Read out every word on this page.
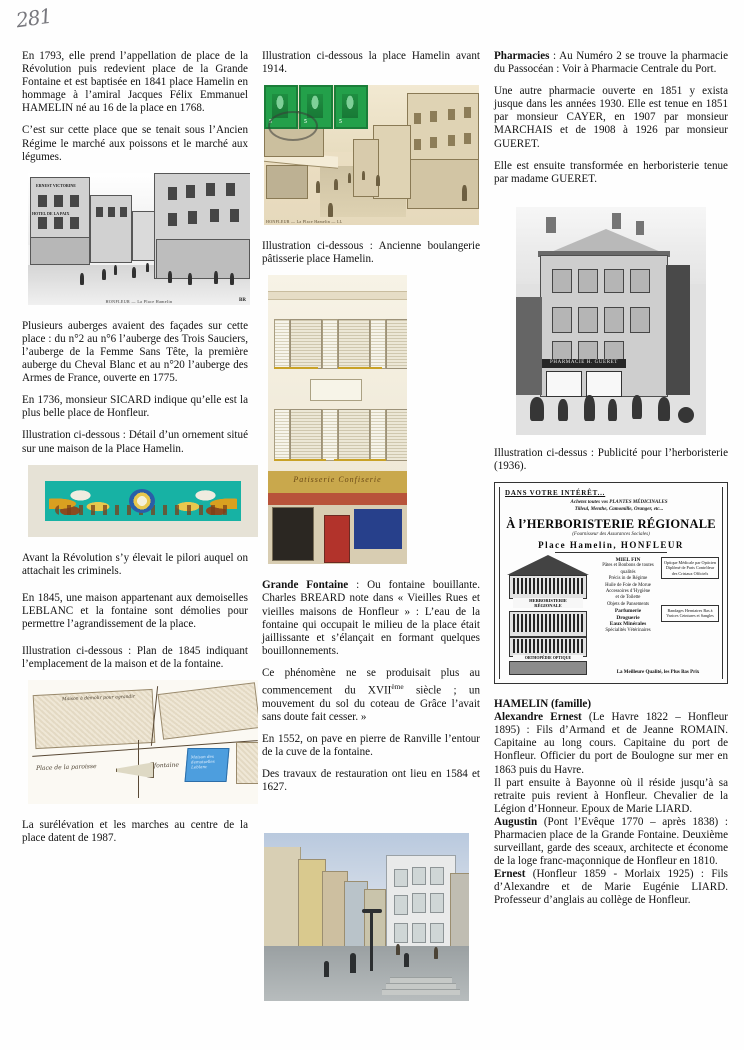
281

En 1793, elle prend l’appellation de place de la Révolution puis redevient place de la Grande Fontaine et est baptisée en 1841 place Hamelin en hommage à l’amiral Jacques Félix Emmanuel HAMELIN né au 16 de la place en 1768.

C’est sur cette place que se tenait sous l’Ancien Régime le marché aux poissons et le marché aux légumes.

ERNEST VICTORINE
HOTEL DE LA PAIX
HONFLEUR — La Place Hamelin	BR

Plusieurs auberges avaient des façades sur cette place : du n°2 au n°6 l’auberge des Trois Sauciers, l’auberge de la Femme Sans Tête, la première auberge du Cheval Blanc et au n°20 l’auberge des Armes de France, ouverte en 1775.

En 1736, monsieur SICARD indique qu’elle est la plus belle place de Honfleur.

Illustration ci-dessous : Détail d’un ornement situé sur une maison de la Place Hamelin.

Avant la Révolution s’y élevait le pilori auquel on attachait les criminels.

En 1845, une maison appartenant aux demoiselles LEBLANC et la fontaine sont démolies pour permettre l’agrandissement de la place.

Illustration ci-dessous : Plan de 1845 indiquant l’emplacement de la maison et de la fontaine.

Maison à démolir pour agrandir
Place de la paroisse	fontaine
Maison des demoiselles Leblanc

La surélévation et les marches au centre de la place datent de 1987.

Illustration ci-dessous la place Hamelin avant 1914.

5	5	5
HONFLEUR — La Place Hamelin — LL

Illustration ci-dessous : Ancienne boulangerie pâtisserie place Hamelin.

Patisserie Confiserie

Grande Fontaine : Ou fontaine bouillante. Charles BREARD note dans « Vieilles Rues et vieilles maisons de Honfleur » : L’eau de la fontaine qui occupait le milieu de la place était jaillissante et s’élançait en formant quelques bouillonnements.

Ce phénomène ne se produisait plus au commencement du XVIIème siècle ; un mouvement du sol du coteau de Grâce l’avait sans doute fait cesser. »

En 1552, on pave en pierre de Ranville l’entour de la cuve de la fontaine.

Des travaux de restauration ont lieu en 1584 et 1627.

Pharmacies : Au Numéro 2 se trouve la pharmacie du Passocéan : Voir à Pharmacie Centrale du Port.

Une autre pharmacie ouverte en 1851 y exista jusque dans les années 1930. Elle est tenue en 1851 par monsieur CAYER, en 1907 par monsieur MARCHAIS et de 1908 à 1926 par monsieur GUERET.

Elle est ensuite transformée en herboristerie tenue par madame GUERET.

PHARMACIE H. GUERET

Illustration ci-dessus : Publicité pour l’herboristerie (1936).

DANS VOTRE INTÉRÊT...
Achetez toutes vos PLANTES MÉDICINALES
Tilleul, Menthe, Camomille, Oranger, etc...
À l’HERBORISTERIE RÉGIONALE
(Fournisseur des Assurances Sociales)
Place Hamelin, HONFLEUR
HERBORISTERIE
RÉGIONALE
ORTHOPÉDIE OPTIQUE
MIEL FIN
Pâtes et Bonbons de toutes qualités
Précis in de Régime
Huile de Foie de Morue
Accessoires d’Hygiène
et de Toilette
Objets de Pansements
Parfumerie
Droguerie
Eaux Minérales
Spécialités Vétérinaires
Optique Médicale par Opticien Diplômé de Paris Contrôleur des Cristaux Officiels
Bandages Herniaires Bas à Varices Ceintures et Sangles
La Meilleure Qualité, les Plus Bas Prix

HAMELIN (famille)

Alexandre Ernest (Le Havre 1822 – Honfleur 1895) : Fils d’Armand et de Jeanne ROMAIN. Capitaine au long cours. Capitaine du port de Honfleur. Officier du port de Boulogne sur mer en 1863 puis du Havre.

Il part ensuite à Bayonne où il réside jusqu’à sa retraite puis revient à Honfleur. Chevalier de la Légion d’Honneur. Epoux de Marie LIARD.

Augustin (Pont l’Evêque 1770 – après 1838) : Pharmacien place de la Grande Fontaine. Deuxième surveillant, garde des sceaux, architecte et économe de la loge franc-maçonnique de Honfleur en 1810.

Ernest (Honfleur 1859 - Morlaix 1925) : Fils d’Alexandre et de Marie Eugénie LIARD. Professeur d’anglais au collège de Honfleur.
